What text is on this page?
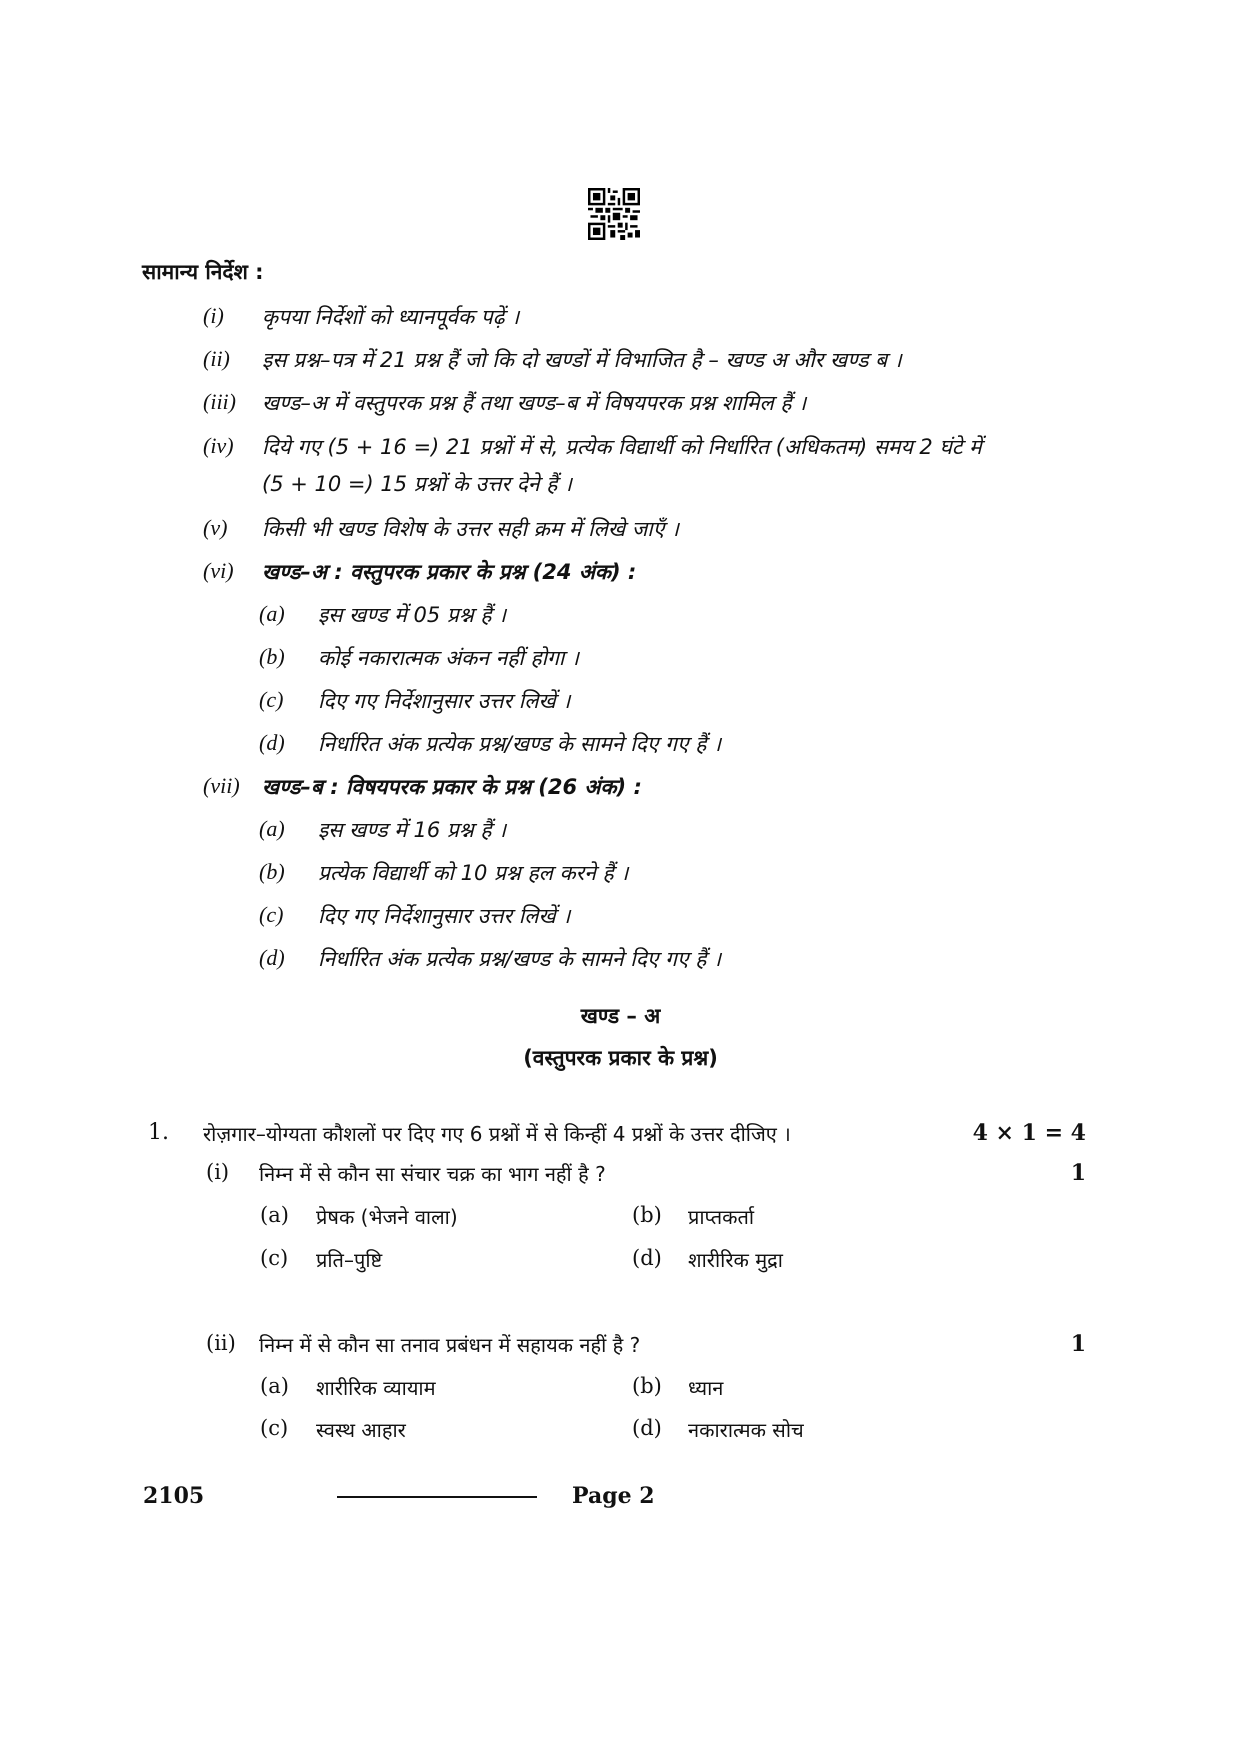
सामान्य निर्देश :
(i) कृपया निर्देशों को ध्यानपूर्वक पढ़ें ।
(ii) इस प्रश्न–पत्र में 21 प्रश्न हैं जो कि दो खण्डों में विभाजित है – खण्ड अ और खण्ड ब ।
(iii) खण्ड–अ में वस्तुपरक प्रश्न हैं तथा खण्ड–ब में विषयपरक प्रश्न शामिल हैं ।
(iv) दिये गए (5 + 16 =) 21 प्रश्नों में से, प्रत्येक विद्यार्थी को निर्धारित (अधिकतम) समय 2 घंटे में
(5 + 10 =) 15 प्रश्नों के उत्तर देने हैं ।
(v) किसी भी खण्ड विशेष के उत्तर सही क्रम में लिखे जाएँ ।
(vi) खण्ड–अ : वस्तुपरक प्रकार के प्रश्न (24 अंक) :
(a) इस खण्ड में 05 प्रश्न हैं ।
(b) कोई नकारात्मक अंकन नहीं होगा ।
(c) दिए गए निर्देशानुसार उत्तर लिखें ।
(d) निर्धारित अंक प्रत्येक प्रश्न/खण्ड के सामने दिए गए हैं ।
(vii) खण्ड–ब : विषयपरक प्रकार के प्रश्न (26 अंक) :
(a) इस खण्ड में 16 प्रश्न हैं ।
(b) प्रत्येक विद्यार्थी को 10 प्रश्न हल करने हैं ।
(c) दिए गए निर्देशानुसार उत्तर लिखें ।
(d) निर्धारित अंक प्रत्येक प्रश्न/खण्ड के सामने दिए गए हैं ।
खण्ड – अ
(वस्तुपरक प्रकार के प्रश्न)
1. रोज़गार–योग्यता कौशलों पर दिए गए 6 प्रश्नों में से किन्हीं 4 प्रश्नों के उत्तर दीजिए ।	4 × 1 = 4
(i) निम्न में से कौन सा संचार चक्र का भाग नहीं है ?	1
(a) प्रेषक (भेजने वाला)	(b) प्राप्तकर्ता
(c) प्रति–पुष्टि	(d) शारीरिक मुद्रा
(ii) निम्न में से कौन सा तनाव प्रबंधन में सहायक नहीं है ?	1
(a) शारीरिक व्यायाम	(b) ध्यान
(c) स्वस्थ आहार	(d) नकारात्मक सोच
2105	Page 2
